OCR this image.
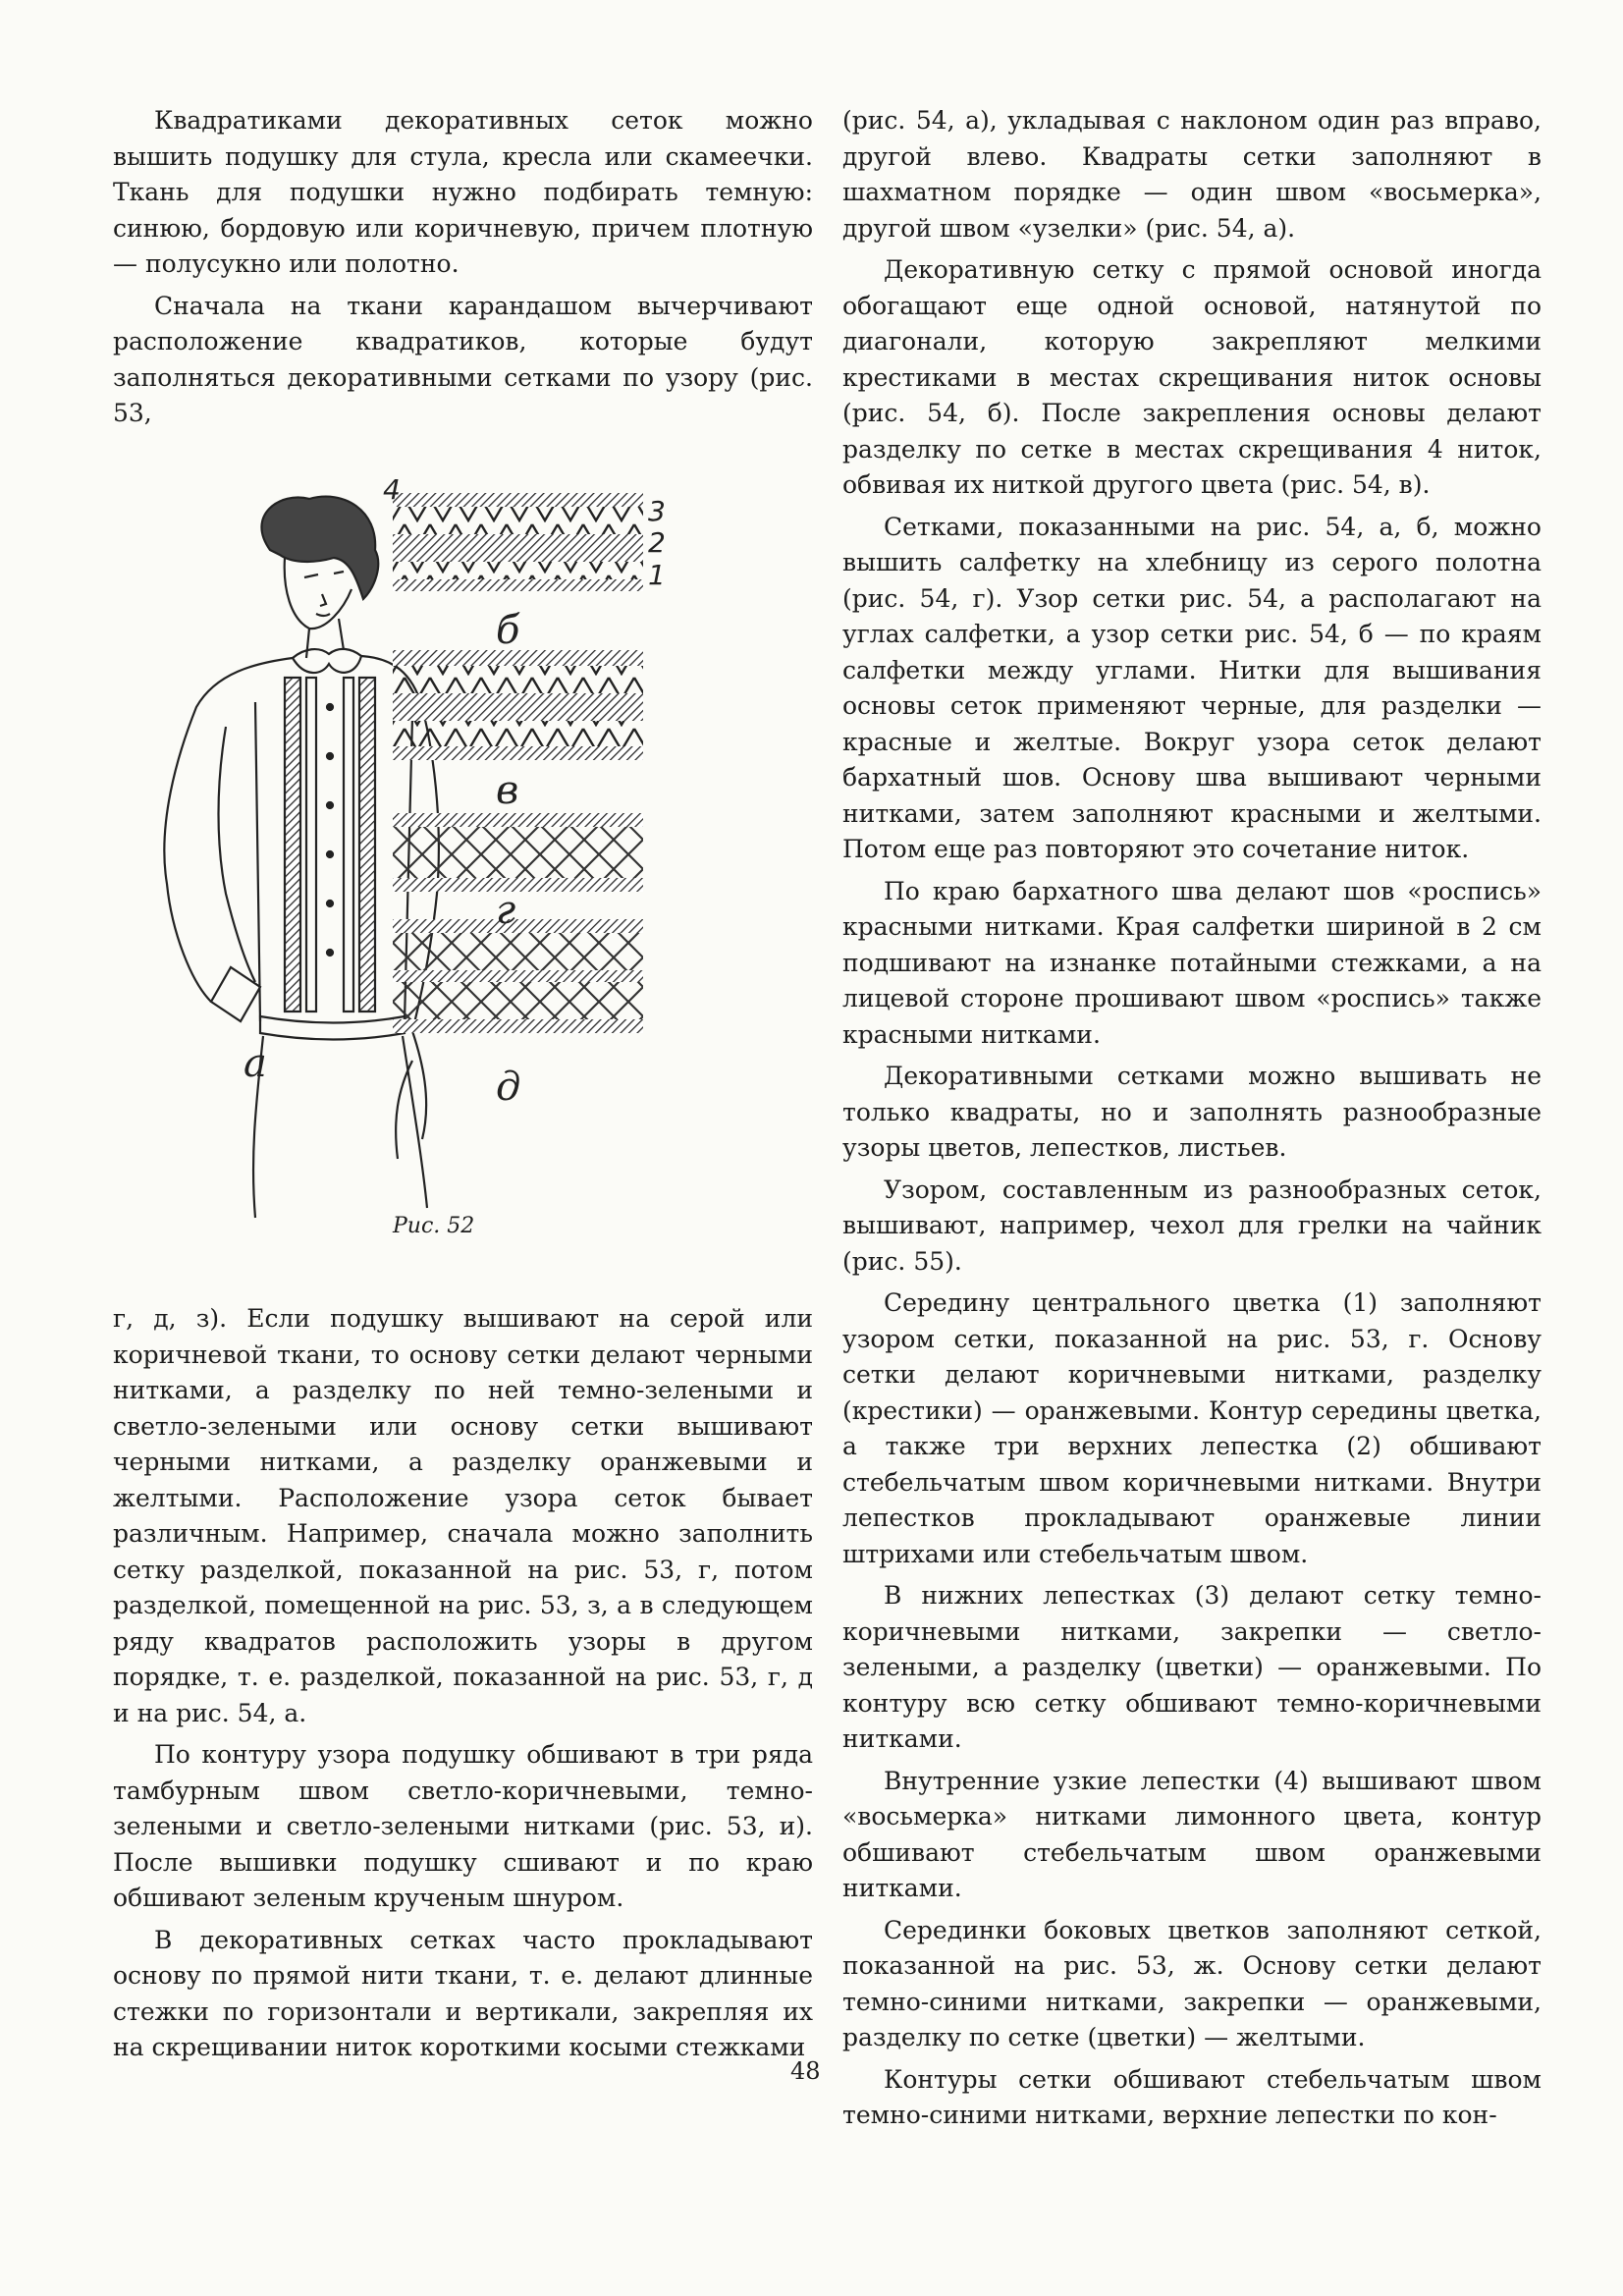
Квадратиками декоративных сеток можно вышить подушку для стула, кресла или скамеечки. Ткань для подушки нужно подбирать темную: синюю, бордовую или коричневую, причем плотную — полусукно или полотно.

Сначала на ткани карандашом вычерчивают расположение квадратиков, которые будут заполняться декоративными сетками по узору (рис. 53,

а
б
в
г
д
3
2
1
4
Рис. 52

г, д, з). Если подушку вышивают на серой или коричневой ткани, то основу сетки делают черными нитками, а разделку по ней темно-зелеными и светло-зелеными или основу сетки вышивают черными нитками, а разделку оранжевыми и желтыми. Расположение узора сеток бывает различным. Например, сначала можно заполнить сетку разделкой, показанной на рис. 53, г, потом разделкой, помещенной на рис. 53, з, а в следующем ряду квадратов расположить узоры в другом порядке, т. е. разделкой, показанной на рис. 53, г, д и на рис. 54, а.

По контуру узора подушку обшивают в три ряда тамбурным швом светло-коричневыми, темно-зелеными и светло-зелеными нитками (рис. 53, и). После вышивки подушку сшивают и по краю обшивают зеленым крученым шнуром.

В декоративных сетках часто прокладывают основу по прямой нити ткани, т. е. делают длинные стежки по горизонтали и вертикали, закрепляя их на скрещивании ниток короткими косыми стежками

(рис. 54, а), укладывая с наклоном один раз вправо, другой влево. Квадраты сетки заполняют в шахматном порядке — один швом «восьмерка», другой швом «узелки» (рис. 54, а).

Декоративную сетку с прямой основой иногда обогащают еще одной основой, натянутой по диагонали, которую закрепляют мелкими крестиками в местах скрещивания ниток основы (рис. 54, б). После закрепления основы делают разделку по сетке в местах скрещивания 4 ниток, обвивая их ниткой другого цвета (рис. 54, в).

Сетками, показанными на рис. 54, а, б, можно вышить салфетку на хлебницу из серого полотна (рис. 54, г). Узор сетки рис. 54, а располагают на углах салфетки, а узор сетки рис. 54, б — по краям салфетки между углами. Нитки для вышивания основы сеток применяют черные, для разделки — красные и желтые. Вокруг узора сеток делают бархатный шов. Основу шва вышивают черными нитками, затем заполняют красными и желтыми. Потом еще раз повторяют это сочетание ниток.

По краю бархатного шва делают шов «роспись» красными нитками. Края салфетки шириной в 2 см подшивают на изнанке потайными стежками, а на лицевой стороне прошивают швом «роспись» также красными нитками.

Декоративными сетками можно вышивать не только квадраты, но и заполнять разнообразные узоры цветов, лепестков, листьев.

Узором, составленным из разнообразных сеток, вышивают, например, чехол для грелки на чайник (рис. 55).

Середину центрального цветка (1) заполняют узором сетки, показанной на рис. 53, г. Основу сетки делают коричневыми нитками, разделку (крестики) — оранжевыми. Контур середины цветка, а также три верхних лепестка (2) обшивают стебельчатым швом коричневыми нитками. Внутри лепестков прокладывают оранжевые линии штрихами или стебельчатым швом.

В нижних лепестках (3) делают сетку темно-коричневыми нитками, закрепки — светло-зелеными, а разделку (цветки) — оранжевыми. По контуру всю сетку обшивают темно-коричневыми нитками.

Внутренние узкие лепестки (4) вышивают швом «восьмерка» нитками лимонного цвета, контур обшивают стебельчатым швом оранжевыми нитками.

Серединки боковых цветков заполняют сеткой, показанной на рис. 53, ж. Основу сетки делают темно-синими нитками, закрепки — оранжевыми, разделку по сетке (цветки) — желтыми.

Контуры сетки обшивают стебельчатым швом темно-синими нитками, верхние лепестки по кон-

48
